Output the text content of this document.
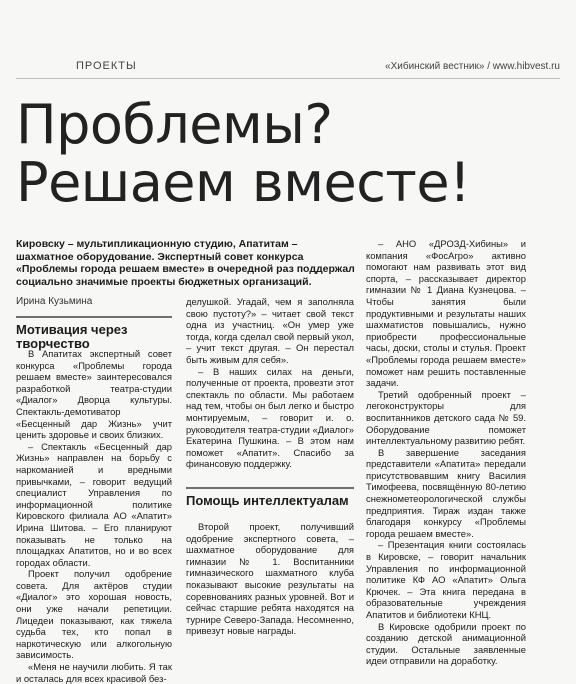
ПРОЕКТЫ	«Хибинский вестник» / www.hibvest.ru
Проблемы?
Решаем вместе!
Кировску – мультипликационную студию, Апатитам – шахматное оборудование. Экспертный совет конкурса «Проблемы города решаем вместе» в очередной раз поддержал социально значимые проекты бюджетных организаций.
Ирина Кузьмина
Мотивация через творчество

В Апатитах экспертный совет конкурса «Проблемы города решаем вместе» заинтересовался разработкой театра-студии «Диалог» Дворца культуры. Спектакль-демотиватор «Бесценный дар Жизнь» учит ценить здоровье и своих близких.

– Спектакль «Бесценный дар Жизнь» направлен на борьбу с наркоманией и вредными привычками, – говорит ведущий специалист Управления по информационной политике Кировского филиала АО «Апатит» Ирина Шитова. – Его планируют показывать не только на площадках Апатитов, но и во всех городах области.

Проект получил одобрение совета. Для актёров студии «Диалог» это хорошая новость, они уже начали репетиции. Лицедеи показывают, как тяжела судьба тех, кто попал в наркотическую или алкогольную зависимость.

«Меня не научили любить. Я так и осталась для всех красивой без-

делушкой. Угадай, чем я заполняла свою пустоту?» – читает свой текст одна из участниц. «Он умер уже тогда, когда сделал свой первый укол, – учит текст другая. – Он перестал быть живым для себя».

– В наших силах на деньги, полученные от проекта, провезти этот спектакль по области. Мы работаем над тем, чтобы он был легко и быстро монтируемым, – говорит и. о. руководителя театра-студии «Диалог» Екатерина Пушкина. – В этом нам поможет «Апатит». Спасибо за финансовую поддержку.

Помощь интеллектуалам

Второй проект, получивший одобрение экспертного совета, – шахматное оборудование для гимназии № 1. Воспитанники гимназического шахматного клуба показывают высокие результаты на соревнованиях разных уровней. Вот и сейчас старшие ребята находятся на турнире Северо-Запада. Несомненно, привезут новые награды.

– АНО «ДРОЗД-Хибины» и компания «ФосАгро» активно помогают нам развивать этот вид спорта, – рассказывает директор гимназии № 1 Диана Кузнецова. – Чтобы занятия были продуктивными и результаты наших шахматистов повышались, нужно приобрести профессиональные часы, доски, столы и стулья. Проект «Проблемы города решаем вместе» поможет нам решить поставленные задачи.

Третий одобренный проект – легоконструкторы для воспитанников детского сада № 59. Оборудование поможет интеллектуальному развитию ребят.

В завершение заседания представители «Апатита» передали присутствовавшим книгу Василия Тимофеева, посвящённую 80-летию снежнометеорологической службы предприятия. Тираж издан также благодаря конкурсу «Проблемы города решаем вместе».

– Презентация книги состоялась в Кировске, – говорит начальник Управления по информационной политике КФ АО «Апатит» Ольга Крючек. – Эта книга передана в образовательные учреждения Апатитов и библиотеки КНЦ.

В Кировске одобрили проект по созданию детской анимационной студии. Остальные заявленные идеи отправили на доработку.
